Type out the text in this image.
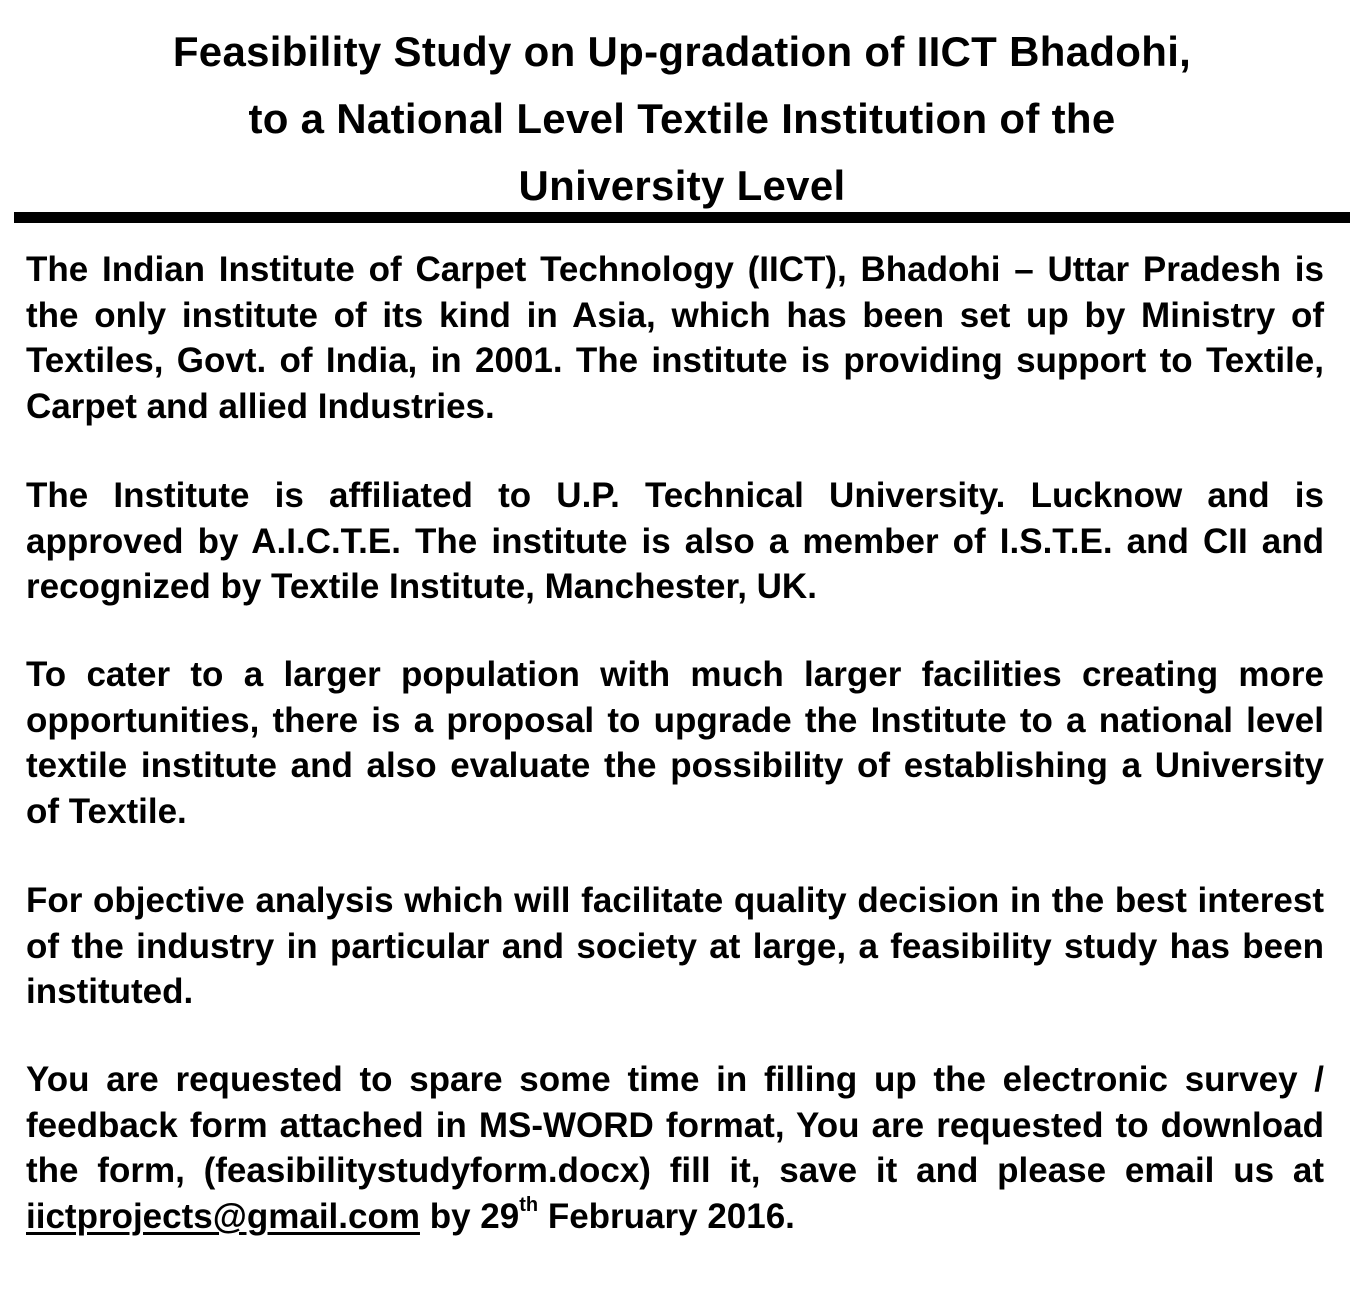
Feasibility Study on Up-gradation of IICT Bhadohi,
to a National Level Textile Institution of the
University Level

The Indian Institute of Carpet Technology (IICT), Bhadohi – Uttar Pradesh is the only institute of its kind in Asia, which has been set up by Ministry of Textiles, Govt. of India, in 2001. The institute is providing support to Textile, Carpet and allied Industries.

The Institute is affiliated to U.P. Technical University. Lucknow and is approved by A.I.C.T.E. The institute is also a member of I.S.T.E. and CII and recognized by Textile Institute, Manchester, UK.

To cater to a larger population with much larger facilities creating more opportunities, there is a proposal to upgrade the Institute to a national level textile institute and also evaluate the possibility of establishing a University of Textile.

For objective analysis which will facilitate quality decision in the best interest of the industry in particular and society at large, a feasibility study has been instituted.

You are requested to spare some time in filling up the electronic survey / feedback form attached in MS-WORD format, You are requested to download the form, (feasibilitystudyform.docx) fill it, save it and please email us at iictprojects@gmail.com by 29th February 2016.
